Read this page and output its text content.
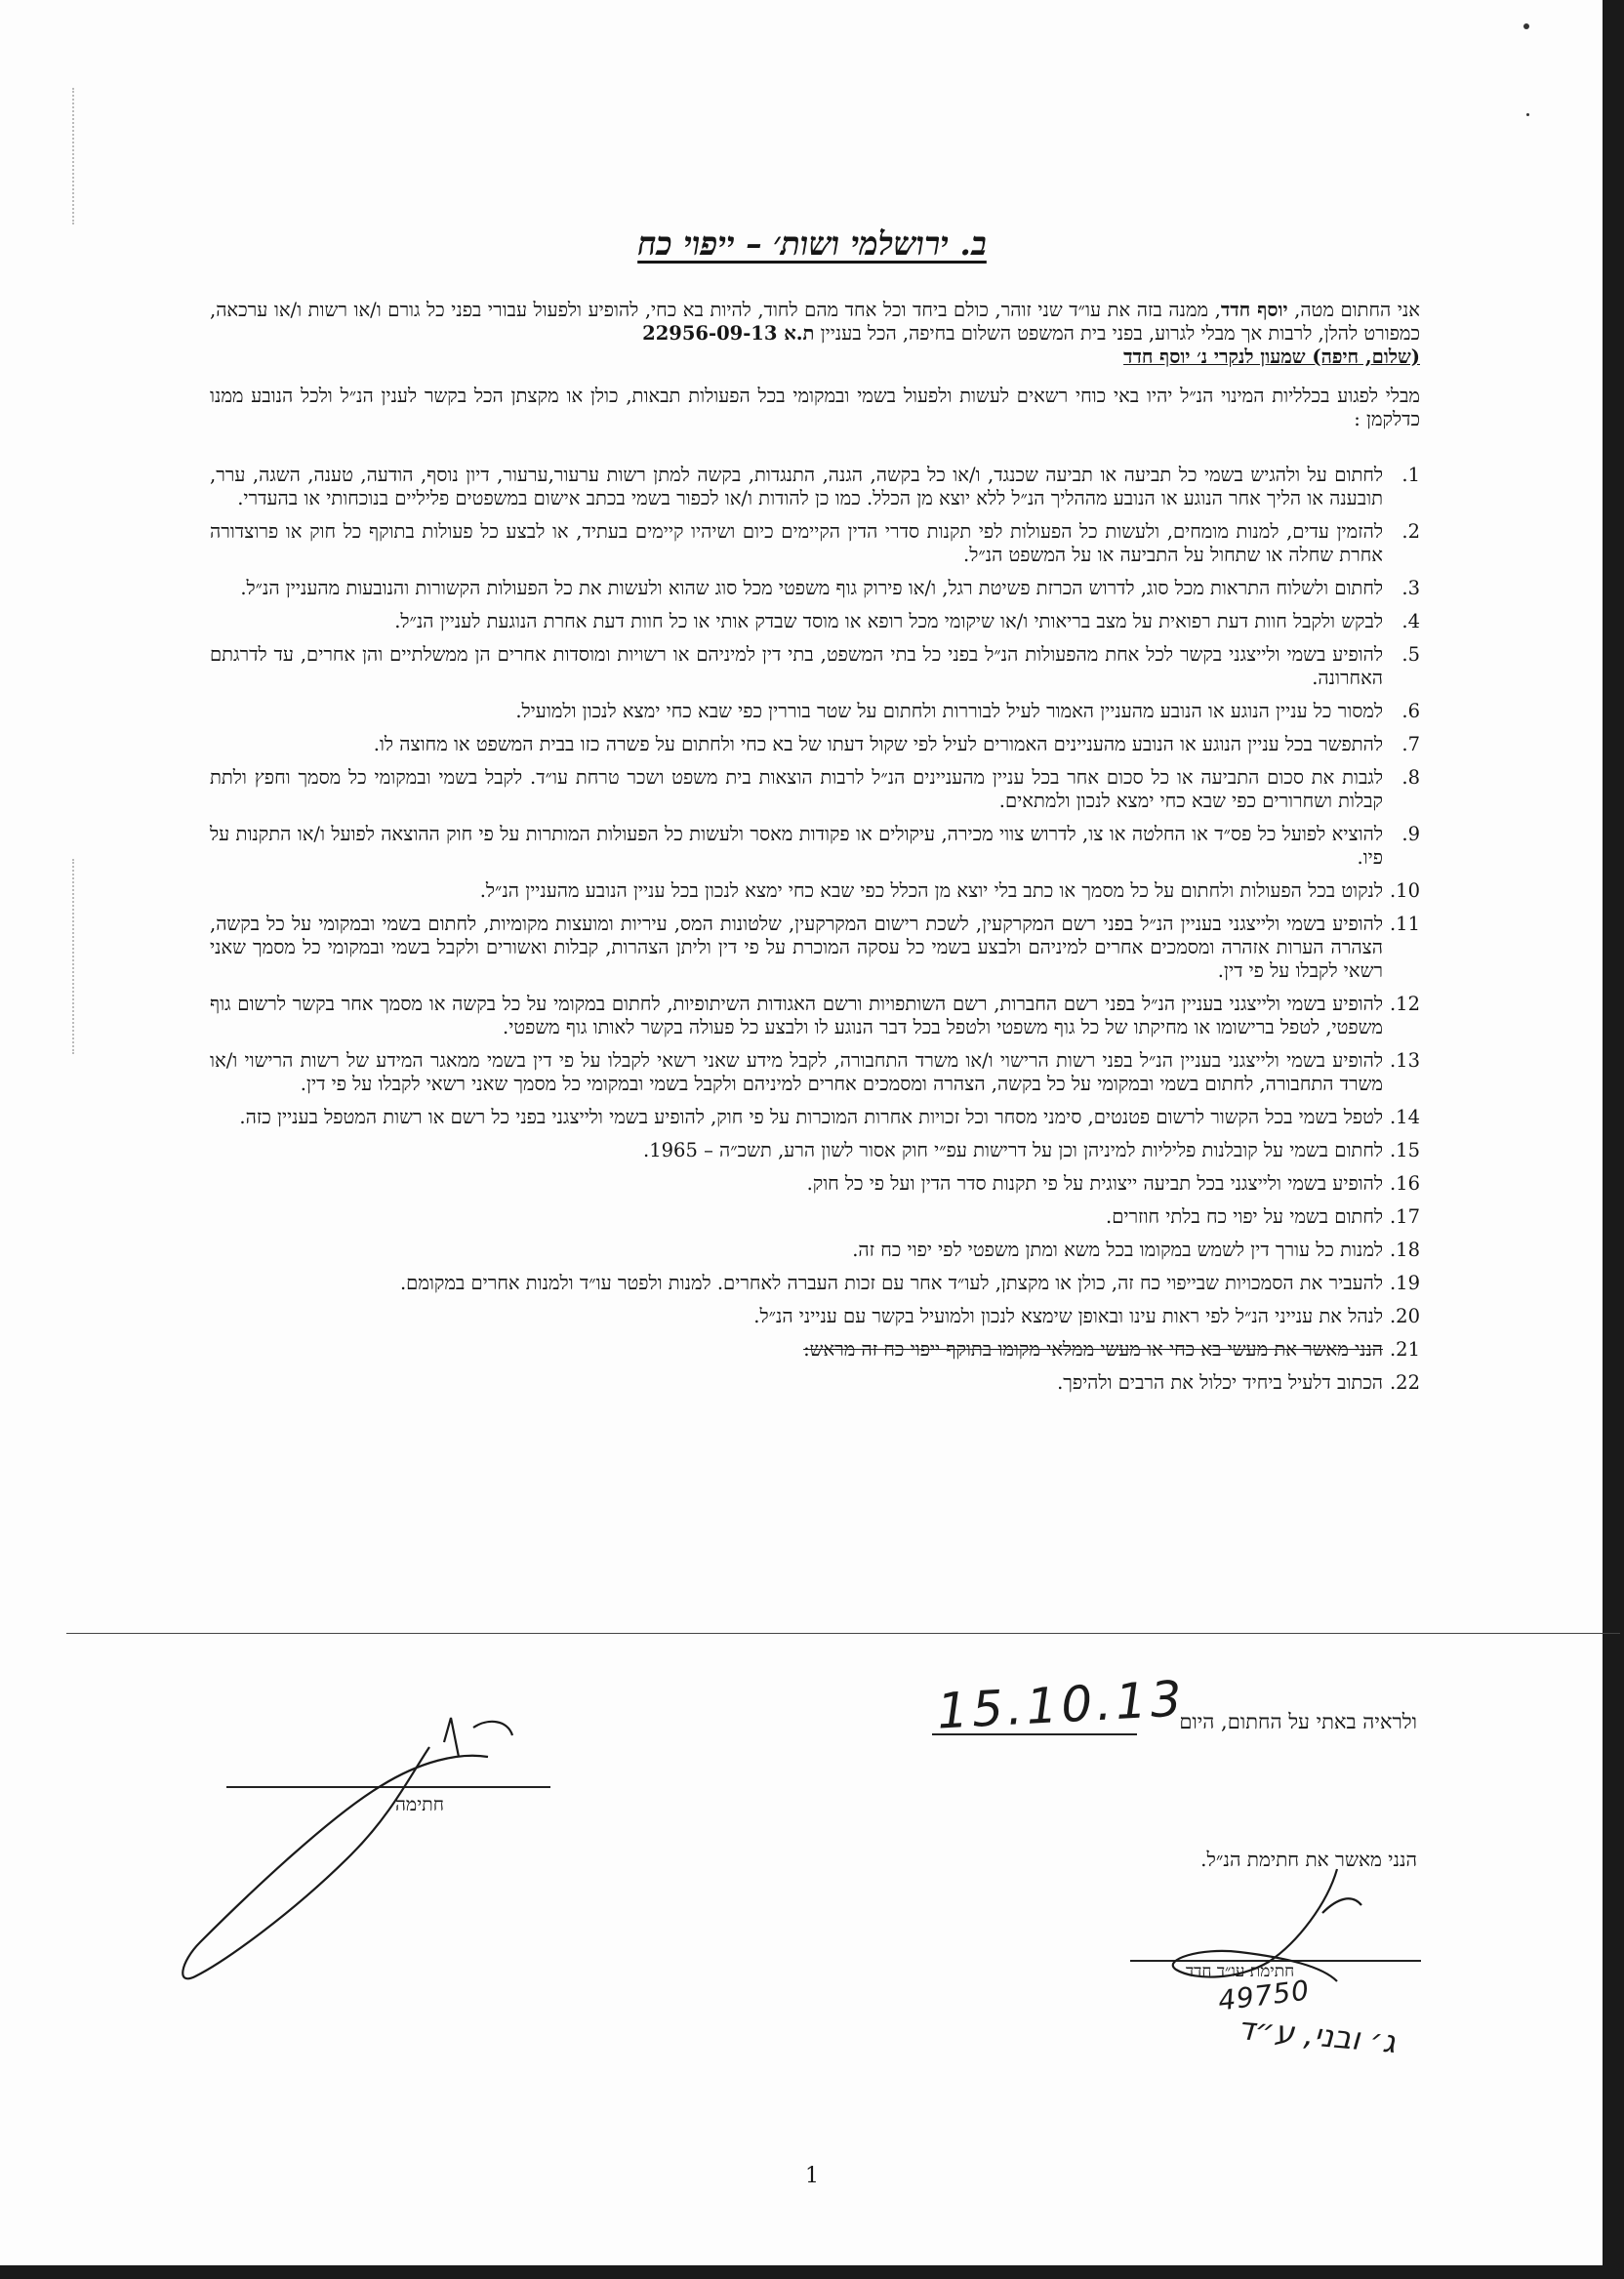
ב. ירושלמי ושות׳ – ייפוי כח
אני החתום מטה, יוסף חדד, ממנה בזה את עו״ד שני זוהר, כולם ביחד וכל אחד מהם לחוד, להיות בא כחי, להופיע ולפעול עבורי בפני כל גורם ו/או רשות ו/או ערכאה, כמפורט להלן, לרבות אך מבלי לגרוע, בפני בית המשפט השלום בחיפה, הכל בעניין ת.א 22956-09-13
(שלום, חיפה) שמעון לנקרי נ׳ יוסף חדד
מבלי לפגוע בכלליות המינוי הנ״ל יהיו באי כוחי רשאים לעשות ולפעול בשמי ובמקומי בכל הפעולות תבאות, כולן או מקצתן הכל בקשר לענין הנ״ל ולכל הנובע ממנו כדלקמן :
.1
לחתום על ולהגיש בשמי כל תביעה או תביעה שכנגד, ו/או כל בקשה, הגנה, התנגדות, בקשה למתן רשות ערעור,ערעור, דיון נוסף, הודעה, טענה, השגה, ערר, תובענה או הליך אחר הנוגע או הנובע מההליך הנ״ל ללא יוצא מן הכלל. כמו כן להודות ו/או לכפור בשמי בכתב אישום במשפטים פליליים בנוכחותי או בהעדרי.
.2
להזמין עדים, למנות מומחים, ולעשות כל הפעולות לפי תקנות סדרי הדין הקיימים כיום ושיהיו קיימים בעתיד, או לבצע כל פעולות בתוקף כל חוק או פרוצדורה אחרת שחלה או שתחול על התביעה או על המשפט הנ״ל.
.3
לחתום ולשלוח התראות מכל סוג, לדרוש הכרזת פשיטת רגל, ו/או פירוק גוף משפטי מכל סוג שהוא ולעשות את כל הפעולות הקשורות והנובעות מהעניין הנ״ל.
.4
לבקש ולקבל חוות דעת רפואית על מצב בריאותי ו/או שיקומי מכל רופא או מוסד שבדק אותי או כל חוות דעת אחרת הנוגעת לעניין הנ״ל.
.5
להופיע בשמי ולייצגני בקשר לכל אחת מהפעולות הנ״ל בפני כל בתי המשפט, בתי דין למיניהם או רשויות ומוסדות אחרים הן ממשלתיים והן אחרים, עד לדרגתם האחרונה.
.6
למסור כל עניין הנוגע או הנובע מהעניין האמור לעיל לבוררות ולחתום על שטר בוררין כפי שבא כחי ימצא לנכון ולמועיל.
.7
להתפשר בכל עניין הנוגע או הנובע מהעניינים האמורים לעיל לפי שקול דעתו של בא כחי ולחתום על פשרה כזו בבית המשפט או מחוצה לו.
.8
לגבות את סכום התביעה או כל סכום אחר בכל עניין מהעניינים הנ״ל לרבות הוצאות בית משפט ושכר טרחת עו״ד. לקבל בשמי ובמקומי כל מסמך וחפץ ולתת קבלות ושחרורים כפי שבא כחי ימצא לנכון ולמתאים.
.9
להוציא לפועל כל פס״ד או החלטה או צו, לדרוש צווי מכירה, עיקולים או פקודות מאסר ולעשות כל הפעולות המותרות על פי חוק ההוצאה לפועל ו/או התקנות על פיו.
.10
לנקוט בכל הפעולות ולחתום על כל מסמך או כתב בלי יוצא מן הכלל כפי שבא כחי ימצא לנכון בכל עניין הנובע מהעניין הנ״ל.
.11
להופיע בשמי ולייצגני בעניין הנ״ל בפני רשם המקרקעין, לשכת רישום המקרקעין, שלטונות המס, עיריות ומועצות מקומיות, לחתום בשמי ובמקומי על כל בקשה, הצהרה הערות אזהרה ומסמכים אחרים למיניהם ולבצע בשמי כל עסקה המוכרת על פי דין וליתן הצהרות, קבלות ואשורים ולקבל בשמי ובמקומי כל מסמך שאני רשאי לקבלו על פי דין.
.12
להופיע בשמי ולייצגני בעניין הנ״ל בפני רשם החברות, רשם השותפויות ורשם האגודות השיתופיות, לחתום במקומי על כל בקשה או מסמך אחר בקשר לרשום גוף משפטי, לטפל ברישומו או מחיקתו של כל גוף משפטי ולטפל בכל דבר הנוגע לו ולבצע כל פעולה בקשר לאותו גוף משפטי.
.13
להופיע בשמי ולייצגני בעניין הנ״ל בפני רשות הרישוי ו/או משרד התחבורה, לקבל מידע שאני רשאי לקבלו על פי דין בשמי ממאגר המידע של רשות הרישוי ו/או משרד התחבורה, לחתום בשמי ובמקומי על כל בקשה, הצהרה ומסמכים אחרים למיניהם ולקבל בשמי ובמקומי כל מסמך שאני רשאי לקבלו על פי דין.
.14
לטפל בשמי בכל הקשור לרשום פטנטים, סימני מסחר וכל זכויות אחרות המוכרות על פי חוק, להופיע בשמי ולייצגני בפני כל רשם או רשות המטפל בעניין כזה.
.15
לחתום בשמי על קובלנות פליליות למיניהן וכן על דרישות עפ״י חוק אסור לשון הרע, תשכ״ה – 1965.
.16
להופיע בשמי ולייצגני בכל תביעה ייצוגית על פי תקנות סדר הדין ועל פי כל חוק.
.17
לחתום בשמי על יפוי כח בלתי חוזרים.
.18
למנות כל עורך דין לשמש במקומו בכל משא ומתן משפטי לפי יפוי כח זה.
.19
להעביר את הסמכויות שבייפוי כח זה, כולן או מקצתן, לעו״ד אחר עם זכות העברה לאחרים. למנות ולפטר עו״ד ולמנות אחרים במקומם.
.20
לנהל את ענייני הנ״ל לפי ראות עינו ובאופן שימצא לנכון ולמועיל בקשר עם ענייני הנ״ל.
.21
הנני מאשר את מעשי בא כחי או מעשי ממלאי מקומו בתוקף ייפוי כח זה מראש:
.22
הכתוב דלעיל ביחיד יכלול את הרבים ולהיפך.
ולראיה באתי על החתום, היום
15.10.13
חתימה
הנני מאשר את חתימת הנ״ל.
חתימת עו״ד חדד
49750
ג׳ ובני, ע״ד
1
